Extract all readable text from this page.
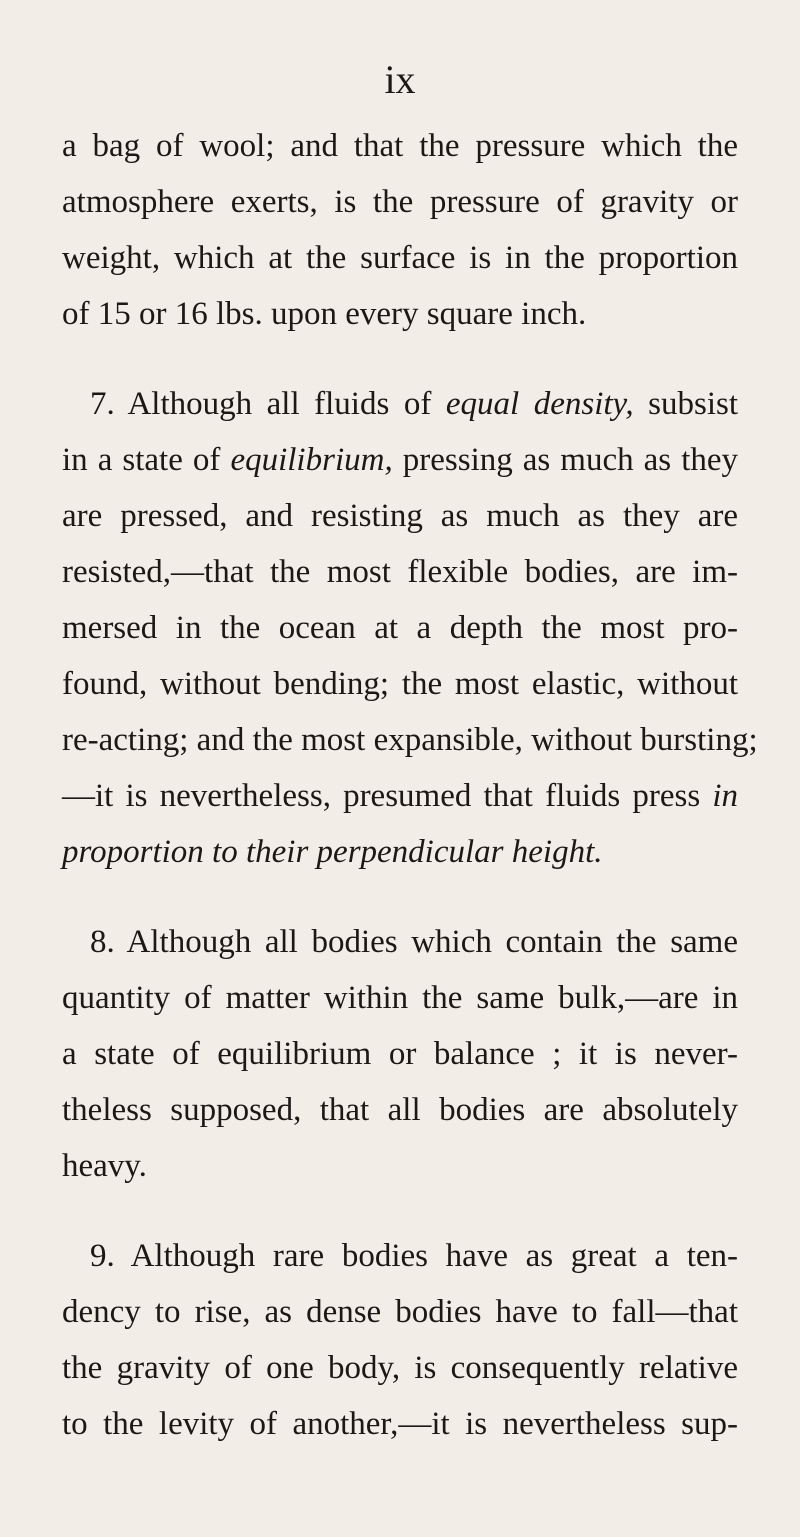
ix
a bag of wool; and that the pressure which the
atmosphere exerts, is the pressure of gravity or
weight, which at the surface is in the proportion
of 15 or 16 lbs. upon every square inch.
7. Although all fluids of equal density, subsist
in a state of equilibrium, pressing as much as they
are pressed, and resisting as much as they are
resisted,—that the most flexible bodies, are im-
mersed in the ocean at a depth the most pro-
found, without bending; the most elastic, without
re-acting; and the most expansible, without bursting;
—it is nevertheless, presumed that fluids press in
proportion to their perpendicular height.
8. Although all bodies which contain the same
quantity of matter within the same bulk,—are in
a state of equilibrium or balance ; it is never-
theless supposed, that all bodies are absolutely
heavy.
9. Although rare bodies have as great a ten-
dency to rise, as dense bodies have to fall—that
the gravity of one body, is consequently relative
to the levity of another,—it is nevertheless sup-
